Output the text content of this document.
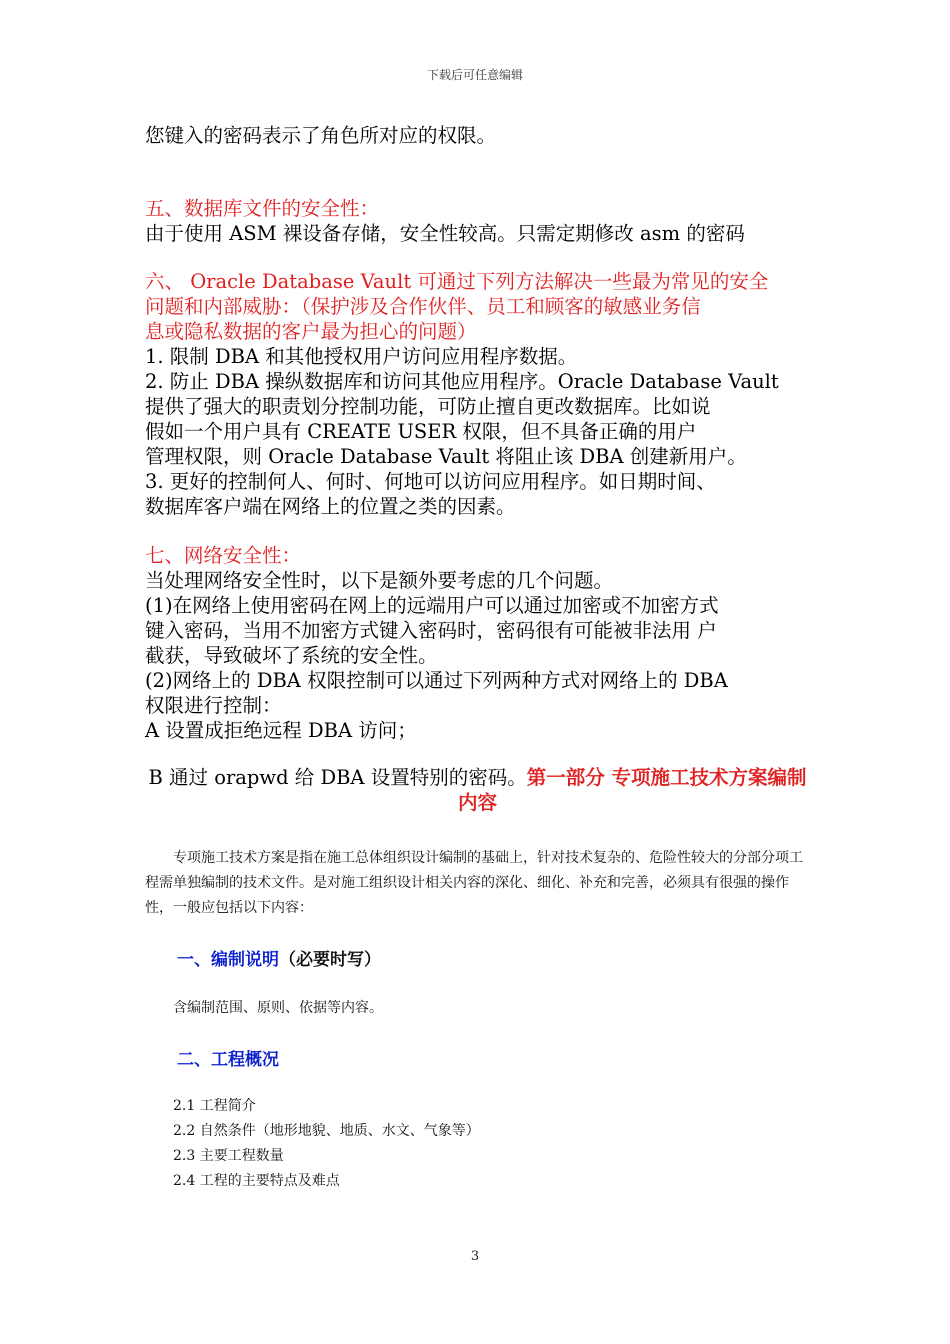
下载后可任意编辑
您键入的密码表示了角色所对应的权限。
五、数据库文件的安全性：
由于使用 ASM 裸设备存储，安全性较高。只需定期修改 asm 的密码
六、 Oracle Database Vault 可通过下列方法解决一些最为常见的安全
问题和内部威胁：（保护涉及合作伙伴、员工和顾客的敏感业务信
息或隐私数据的客户最为担心的问题）
1. 限制 DBA 和其他授权用户访问应用程序数据。
2. 防止 DBA 操纵数据库和访问其他应用程序。Oracle Database Vault
提供了强大的职责划分控制功能，可防止擅自更改数据库。比如说
假如一个用户具有 CREATE USER 权限，但不具备正确的用户
管理权限，则 Oracle Database Vault 将阻止该 DBA 创建新用户。
3. 更好的控制何人、何时、何地可以访问应用程序。如日期时间、
数据库客户端在网络上的位置之类的因素。
七、网络安全性：
当处理网络安全性时，以下是额外要考虑的几个问题。
(1)在网络上使用密码在网上的远端用户可以通过加密或不加密方式
键入密码，当用不加密方式键入密码时，密码很有可能被非法用 户
截获，导致破坏了系统的安全性。
(2)网络上的 DBA 权限控制可以通过下列两种方式对网络上的 DBA
权限进行控制：
A 设置成拒绝远程 DBA 访问；
B 通过 orapwd 给 DBA 设置特别的密码。第一部分 专项施工技术方案编制内容
专项施工技术方案是指在施工总体组织设计编制的基础上，针对技术复杂的、危险性较大的分部分项工程需单独编制的技术文件。是对施工组织设计相关内容的深化、细化、补充和完善，必须具有很强的操作性，一般应包括以下内容：
一、编制说明（必要时写）
含编制范围、原则、依据等内容。
二、工程概况
2.1 工程简介
2.2 自然条件（地形地貌、地质、水文、气象等）
2.3 主要工程数量
2.4 工程的主要特点及难点
3
